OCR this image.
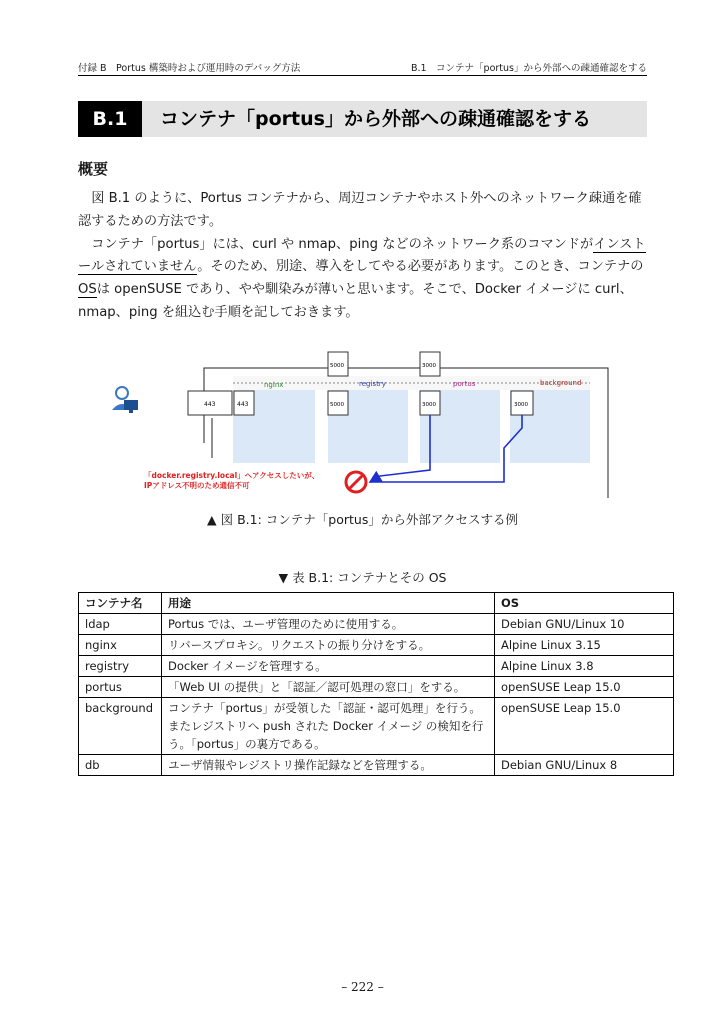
付録 B　Portus 構築時および運用時のデバッグ方法	B.1　コンテナ「portus」から外部への疎通確認をする
B.1	コンテナ「portus」から外部への疎通確認をする
概要

図 B.1 のように、Portus コンテナから、周辺コンテナやホスト外へのネットワーク疎通を確認するための方法です。

コンテナ「portus」には、curl や nmap、ping などのネットワーク系のコマンドがインストールされていません。そのため、別途、導入をしてやる必要があります。このとき、コンテナのOSは openSUSE であり、やや馴染みが薄いと思います。そこで、Docker イメージに curl、nmap、ping を組込む手順を記しておきます。

nginx	registry	portus	background
443	443
5000
5000
3000
3000	3000
「docker.registry.local」へアクセスしたいが、
IPアドレス不明のため通信不可
▲ 図 B.1: コンテナ「portus」から外部アクセスする例
▼ 表 B.1: コンテナとその OS
コンテナ名	用途	OS
ldap	Portus では、ユーザ管理のために使用する。	Debian GNU/Linux 10
nginx	リバースプロキシ。リクエストの振り分けをする。	Alpine Linux 3.15
registry	Docker イメージを管理する。	Alpine Linux 3.8
portus	「Web UI の提供」と「認証／認可処理の窓口」をする。	openSUSE Leap 15.0
background	コンテナ「portus」が受領した「認証・認可処理」を行う。またレジストリへ push された Docker イメージ の検知を行う。「portus」の裏方である。	openSUSE Leap 15.0
db	ユーザ情報やレジストリ操作記録などを管理する。	Debian GNU/Linux 8
– 222 –
